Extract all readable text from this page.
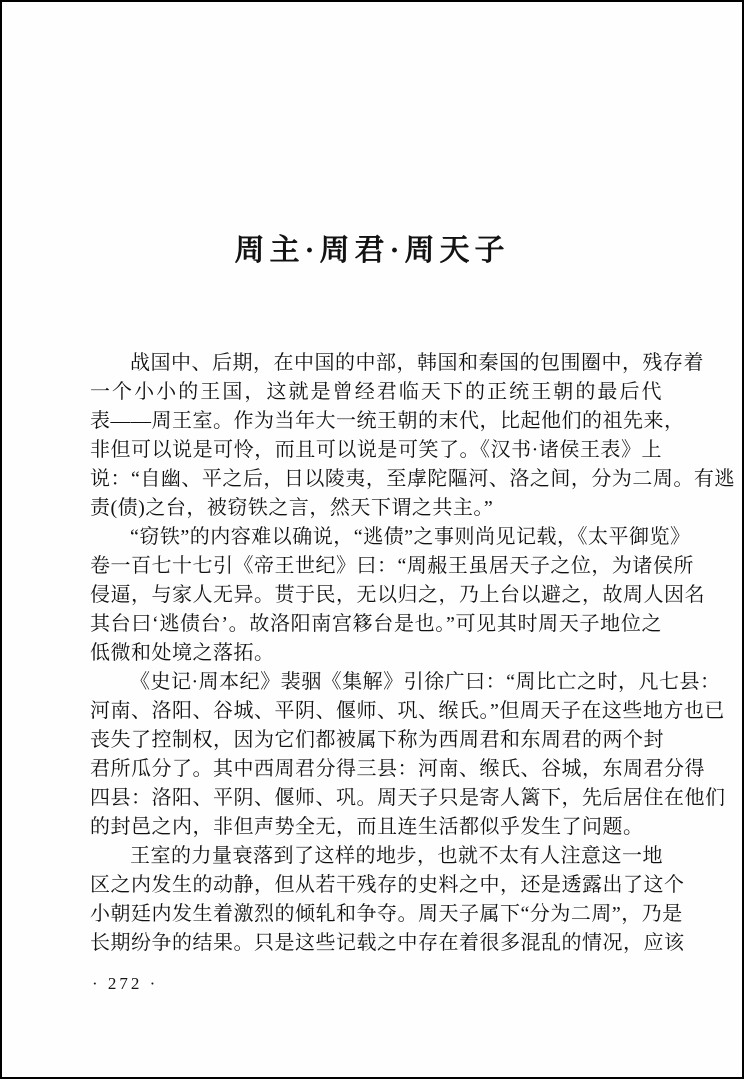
周主·周君·周天子
战国中、后期，在中国的中部，韩国和秦国的包围圈中，残存着
一个小小的王国，这就是曾经君临天下的正统王朝的最后代
表——周王室。作为当年大一统王朝的末代，比起他们的祖先来，
非但可以说是可怜，而且可以说是可笑了。《汉书·诸侯王表》上
说：“自幽、平之后，日以陵夷，至虖陀䧢河、洛之间，分为二周。有逃
责(债)之台，被窃铁之言，然天下谓之共主。”
“窃铁”的内容难以确说，“逃债”之事则尚见记载，《太平御览》
卷一百七十七引《帝王世纪》曰：“周赧王虽居天子之位，为诸侯所
侵逼，与家人无异。贳于民，无以归之，乃上台以避之，故周人因名
其台曰‘逃债台’。故洛阳南宫簃台是也。”可见其时周天子地位之
低微和处境之落拓。
《史记·周本纪》裴骃《集解》引徐广曰：“周比亡之时，凡七县：
河南、洛阳、谷城、平阴、偃师、巩、缑氏。”但周天子在这些地方也已
丧失了控制权，因为它们都被属下称为西周君和东周君的两个封
君所瓜分了。其中西周君分得三县：河南、缑氏、谷城，东周君分得
四县：洛阳、平阴、偃师、巩。周天子只是寄人篱下，先后居住在他们
的封邑之内，非但声势全无，而且连生活都似乎发生了问题。
王室的力量衰落到了这样的地步，也就不太有人注意这一地
区之内发生的动静，但从若干残存的史料之中，还是透露出了这个
小朝廷内发生着激烈的倾轧和争夺。周天子属下“分为二周”，乃是
长期纷争的结果。只是这些记载之中存在着很多混乱的情况，应该
· 272 ·
